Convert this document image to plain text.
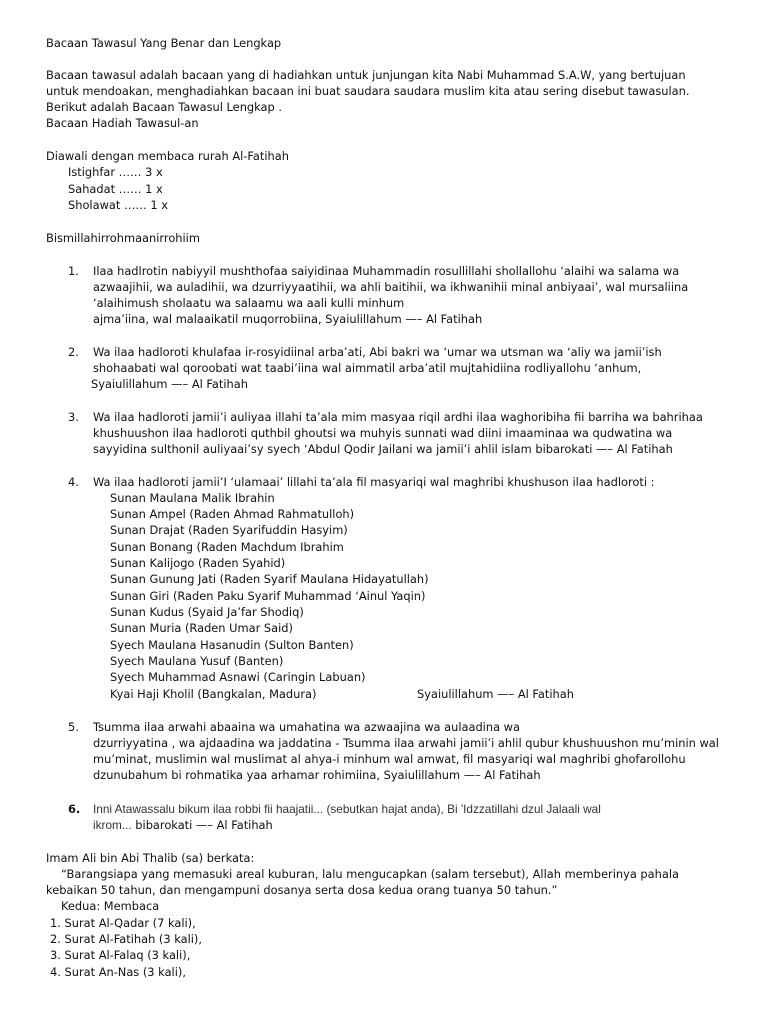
Bacaan Tawasul Yang Benar dan Lengkap
Bacaan tawasul adalah bacaan yang di hadiahkan untuk junjungan kita Nabi Muhammad S.A.W, yang bertujuan
untuk mendoakan, menghadiahkan bacaan ini buat saudara saudara muslim kita atau sering disebut tawasulan.
Berikut adalah Bacaan Tawasul Lengkap .
Bacaan Hadiah Tawasul-an
Diawali dengan membaca rurah Al-Fatihah
Istighfar …… 3 x
Sahadat …… 1 x
Sholawat …… 1 x
Bismillahirrohmaanirrohiim
1. Ilaa hadlrotin nabiyyil mushthofaa saiyidinaa Muhammadin rosullillahi shollallohu ‘alaihi wa salama wa
azwaajihii, wa auladihii, wa dzurriyyaatihii, wa ahli baitihii, wa ikhwanihii minal anbiyaai’, wal mursaliina
‘alaihimush sholaatu wa salaamu wa aali kulli minhum
ajma’iina, wal malaaikatil muqorrobiina, Syaiulillahum —– Al Fatihah
2. Wa ilaa hadloroti khulafaa ir-rosyidiinal arba’ati, Abi bakri wa ‘umar wa utsman wa ‘aliy wa jamii’ish
shohaabati wal qoroobati wat taabi’iina wal aimmatil arba’atil mujtahidiina rodliyallohu ‘anhum,
Syaiulillahum —– Al Fatihah
3. Wa ilaa hadloroti jamii’i auliyaa illahi ta’ala mim masyaa riqil ardhi ilaa waghoribiha fii barriha wa bahrihaa
khushuushon ilaa hadloroti quthbil ghoutsi wa muhyis sunnati wad diini imaaminaa wa qudwatina wa
sayyidina sulthonil auliyaai’sy syech ‘Abdul Qodir Jailani wa jamii’i ahlil islam bibarokati —– Al Fatihah
4. Wa ilaa hadloroti jamii’I ‘ulamaai’ lillahi ta’ala fil masyariqi wal maghribi khushuson ilaa hadloroti :
Sunan Maulana Malik Ibrahin
Sunan Ampel (Raden Ahmad Rahmatulloh)
Sunan Drajat (Raden Syarifuddin Hasyim)
Sunan Bonang (Raden Machdum Ibrahim
Sunan Kalijogo (Raden Syahid)
Sunan Gunung Jati (Raden Syarif Maulana Hidayatullah)
Sunan Giri (Raden Paku Syarif Muhammad ‘Ainul Yaqin)
Sunan Kudus (Syaid Ja’far Shodiq)
Sunan Muria (Raden Umar Said)
Syech Maulana Hasanudin (Sulton Banten)
Syech Maulana Yusuf (Banten)
Syech Muhammad Asnawi (Caringin Labuan)
Kyai Haji Kholil (Bangkalan, Madura)	Syaiulillahum —– Al Fatihah
5. Tsumma ilaa arwahi abaaina wa umahatina wa azwaajina wa aulaadina wa
dzurriyyatina , wa ajdaadina wa jaddatina - Tsumma ilaa arwahi jamii’i ahlil qubur khushuushon mu’minin wal
mu’minat, muslimin wal muslimat al ahya-i minhum wal amwat, fil masyariqi wal maghribi ghofarollohu
dzunubahum bi rohmatika yaa arhamar rohimiina, Syaiulillahum —– Al Fatihah
6. Inni Atawassalu bikum ilaa robbi fii haajatii... (sebutkan hajat anda), Bi 'Idzzatillahi dzul Jalaali wal
ikrom... bibarokati —– Al Fatihah
Imam Ali bin Abi Thalib (sa) berkata:
“Barangsiapa yang memasuki areal kuburan, lalu mengucapkan (salam tersebut), Allah memberinya pahala
kebaikan 50 tahun, dan mengampuni dosanya serta dosa kedua orang tuanya 50 tahun.”
Kedua: Membaca
1. Surat Al-Qadar (7 kali),
2. Surat Al-Fatihah (3 kali),
3. Surat Al-Falaq (3 kali),
4. Surat An-Nas (3 kali),
